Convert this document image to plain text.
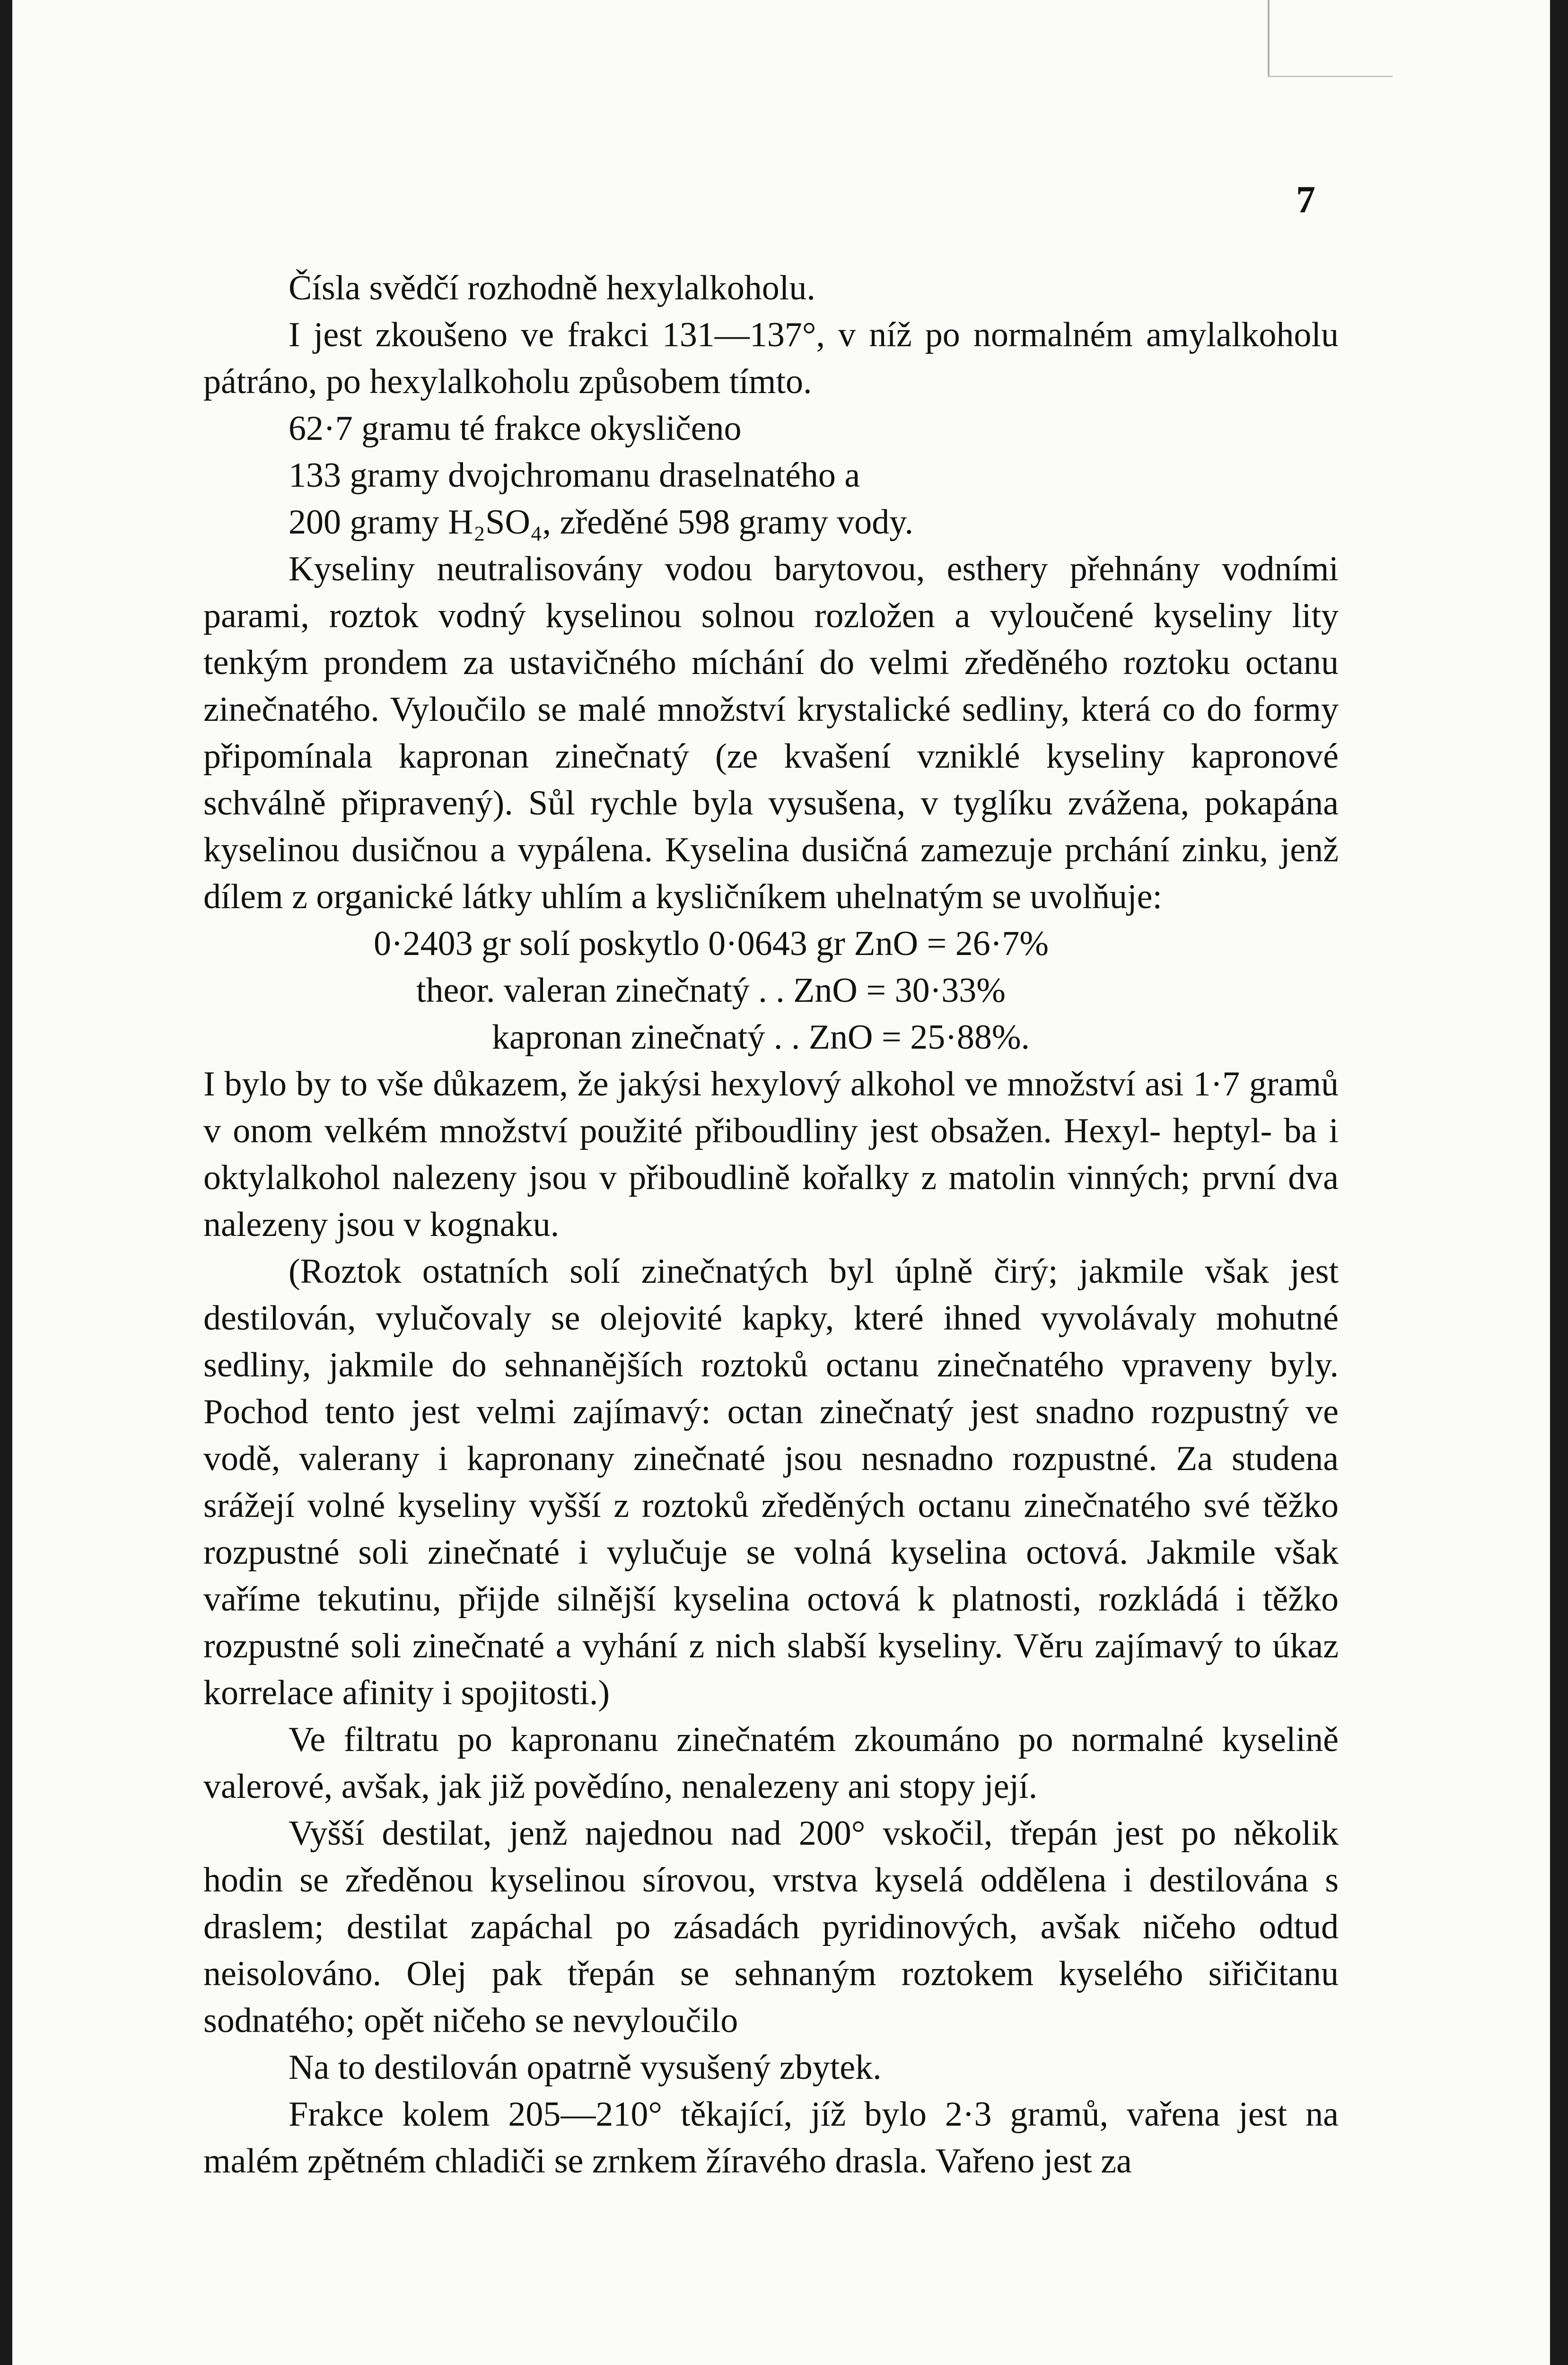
7

Čísla svědčí rozhodně hexylalkoholu.

I jest zkoušeno ve frakci 131—137°, v níž po normalném amylalkoholu pátráno, po hexylalkoholu způsobem tímto.

62·7 gramu té frakce okysličeno

133 gramy dvojchromanu draselnatého a

200 gramy H₂SO₄, zředěné 598 gramy vody.

Kyseliny neutralisovány vodou barytovou, esthery přehnány vodními parami, roztok vodný kyselinou solnou rozložen a vyloučené kyseliny lity tenkým prondem za ustavičného míchání do velmi zředěného roztoku octanu zinečnatého. Vyloučilo se malé množství krystalické sedliny, která co do formy připomínala kapronan zinečnatý (ze kvašení vzniklé kyseliny kapronové schválně připravený). Sůl rychle byla vysušena, v tyglíku zvážena, pokapána kyselinou dusičnou a vypálena. Kyselina dusičná zamezuje prchání zinku, jenž dílem z organické látky uhlím a kysličníkem uhelnatým se uvolňuje:

0·2403 gr solí poskytlo 0·0643 gr ZnO = 26·7%

theor. valeran zinečnatý . . ZnO = 30·33%

kapronan zinečnatý . . ZnO = 25·88%.

I bylo by to vše důkazem, že jakýsi hexylový alkohol ve množství asi 1·7 gramů v onom velkém množství použité přiboudliny jest obsažen. Hexyl- heptyl- ba i oktylalkohol nalezeny jsou v přiboudlině kořalky z matolin vinných; první dva nalezeny jsou v kognaku.

(Roztok ostatních solí zinečnatých byl úplně čirý; jakmile však jest destilován, vylučovaly se olejovité kapky, které ihned vyvolávaly mohutné sedliny, jakmile do sehnanějších roztoků octanu zinečnatého vpraveny byly. Pochod tento jest velmi zajímavý: octan zinečnatý jest snadno rozpustný ve vodě, valerany i kapronany zinečnaté jsou nesnadno rozpustné. Za studena srážejí volné kyseliny vyšší z roztoků zředěných octanu zinečnatého své těžko rozpustné soli zinečnaté i vylučuje se volná kyselina octová. Jakmile však vaříme tekutinu, přijde silnější kyselina octová k platnosti, rozkládá i těžko rozpustné soli zinečnaté a vyhání z nich slabší kyseliny. Věru zajímavý to úkaz korrelace afinity i spojitosti.)

Ve filtratu po kapronanu zinečnatém zkoumáno po normalné kyselině valerové, avšak, jak již povědíno, nenalezeny ani stopy její.

Vyšší destilat, jenž najednou nad 200° vskočil, třepán jest po několik hodin se zředěnou kyselinou sírovou, vrstva kyselá oddělena i destilována s draslem; destilat zapáchal po zásadách pyridinových, avšak ničeho odtud neisolováno. Olej pak třepán se sehnaným roztokem kyselého siřičitanu sodnatého; opět ničeho se nevyloučilo

Na to destilován opatrně vysušený zbytek.

Frakce kolem 205—210° těkající, jíž bylo 2·3 gramů, vařena jest na malém zpětném chladiči se zrnkem žíravého drasla. Vařeno jest za
